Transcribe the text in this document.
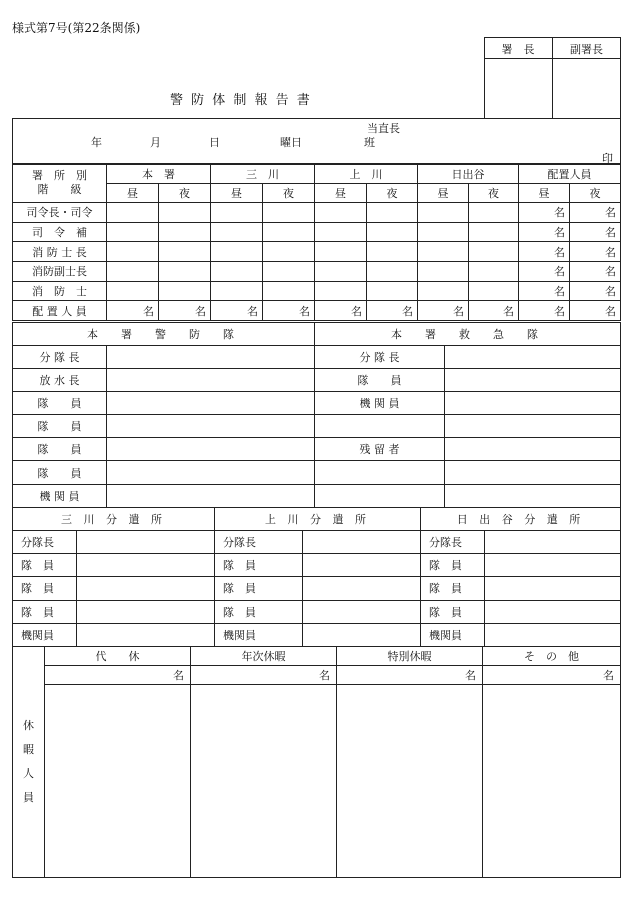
様式第7号(第22条関係)
警 防 体 制 報 告 書
署　長	副署長
当直長
年	月	日	曜日	班
印
署　所　別
階　　級	本　署		三　川		上　川		日出谷		配置人員	
	昼	夜	昼	夜	昼	夜	昼	夜	昼	夜
司令長・司令									名	名
司　令　補									名	名
消 防 士 長									名	名
消防副士長									名	名
消　防　士									名	名
配 置 人 員	名	名	名	名	名	名	名	名	名	名
本　署　警　防　隊		本　署　救　急　隊	
分 隊 長		分 隊 長	
放 水 長		隊　　員	
隊　　員		機 関 員	
隊　　員			
隊　　員		残 留 者	
隊　　員			
機 関 員			
三 川 分 遣 所		上 川 分 遣 所		日 出 谷 分 遣 所	
分隊長		分隊長		分隊長	
隊　員		隊　員		隊　員	
隊　員		隊　員		隊　員	
隊　員		隊　員		隊　員	
機関員		機関員		機関員	
休
暇
人
員	代　　休	年次休暇	特別休暇	そ　の　他
	名	名	名	名
